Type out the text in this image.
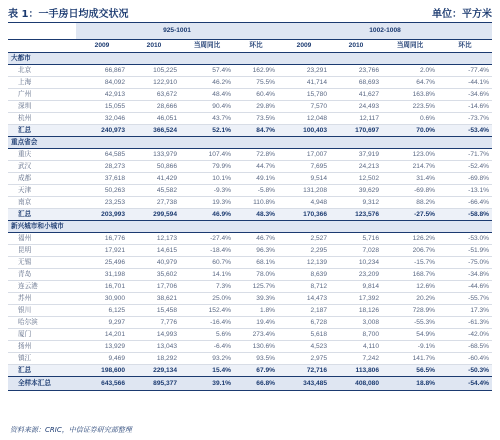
表 1：一手房日均成交状况	单位：平方米
	925-1001				1002-1008			
	2009	2010	当周同比	环比	2009	2010	当周同比	环比
大都市								
北京	66,867	105,225	57.4%	162.9%	23,291	23,766	2.0%	-77.4%
上海	84,092	122,910	46.2%	75.5%	41,714	68,693	64.7%	-44.1%
广州	42,913	63,672	48.4%	60.4%	15,780	41,627	163.8%	-34.6%
深圳	15,055	28,666	90.4%	29.8%	7,570	24,493	223.5%	-14.6%
杭州	32,046	46,051	43.7%	73.5%	12,048	12,117	0.6%	-73.7%
汇总	240,973	366,524	52.1%	84.7%	100,403	170,697	70.0%	-53.4%
重点省会								
重庆	64,585	133,979	107.4%	72.8%	17,007	37,919	123.0%	-71.7%
武汉	28,273	50,866	79.9%	44.7%	7,695	24,213	214.7%	-52.4%
成都	37,618	41,429	10.1%	49.1%	9,514	12,502	31.4%	-69.8%
天津	50,263	45,582	-9.3%	-5.8%	131,208	39,629	-69.8%	-13.1%
南京	23,253	27,738	19.3%	110.8%	4,948	9,312	88.2%	-66.4%
汇总	203,993	299,594	46.9%	48.3%	170,366	123,576	-27.5%	-58.8%
新兴城市和小城市								
福州	16,776	12,173	-27.4%	46.7%	2,527	5,716	126.2%	-53.0%
昆明	17,921	14,615	-18.4%	96.3%	2,295	7,028	206.7%	-51.9%
无锡	25,496	40,979	60.7%	68.1%	12,139	10,234	-15.7%	-75.0%
青岛	31,198	35,602	14.1%	78.0%	8,639	23,209	168.7%	-34.8%
连云港	16,701	17,706	7.3%	125.7%	8,712	9,814	12.6%	-44.6%
苏州	30,900	38,621	25.0%	39.3%	14,473	17,392	20.2%	-55.7%
银川	6,125	15,458	152.4%	1.8%	2,187	18,126	728.9%	17.3%
哈尔滨	9,297	7,776	-16.4%	19.4%	6,728	3,008	-55.3%	-61.3%
厦门	14,201	14,993	5.6%	273.4%	5,618	8,700	54.9%	-42.0%
扬州	13,929	13,043	-6.4%	130.6%	4,523	4,110	-9.1%	-68.5%
镇江	9,469	18,292	93.2%	93.5%	2,975	7,242	141.7%	-60.4%
汇总	198,600	229,134	15.4%	67.9%	72,716	113,806	56.5%	-50.3%
全样本汇总	643,566	895,377	39.1%	66.8%	343,485	408,080	18.8%	-54.4%
资料来源：CRIC，中信证券研究部整理
